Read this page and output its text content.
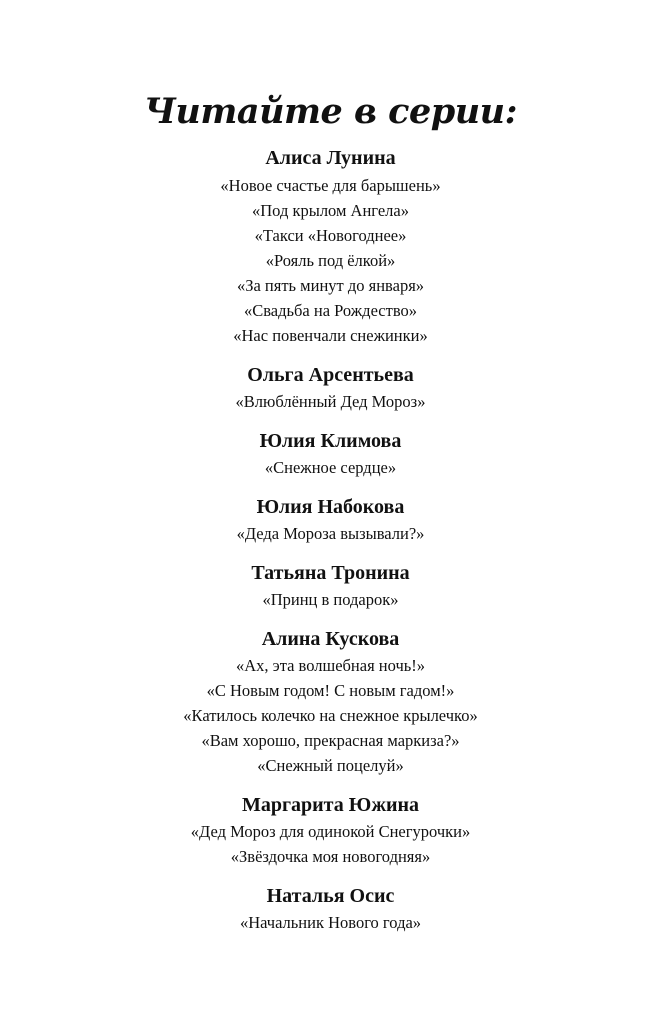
Читайте в серии:
Алиса Лунина
«Новое счастье для барышень»
«Под крылом Ангела»
«Такси «Новогоднее»
«Рояль под ёлкой»
«За пять минут до января»
«Свадьба на Рождество»
«Нас повенчали снежинки»
Ольга Арсентьева
«Влюблённый Дед Мороз»
Юлия Климова
«Снежное сердце»
Юлия Набокова
«Деда Мороза вызывали?»
Татьяна Тронина
«Принц в подарок»
Алина Кускова
«Ах, эта волшебная ночь!»
«С Новым годом! С новым гадом!»
«Катилось колечко на снежное крылечко»
«Вам хорошо, прекрасная маркиза?»
«Снежный поцелуй»
Маргарита Южина
«Дед Мороз для одинокой Снегурочки»
«Звёздочка моя новогодняя»
Наталья Осис
«Начальник Нового года»
